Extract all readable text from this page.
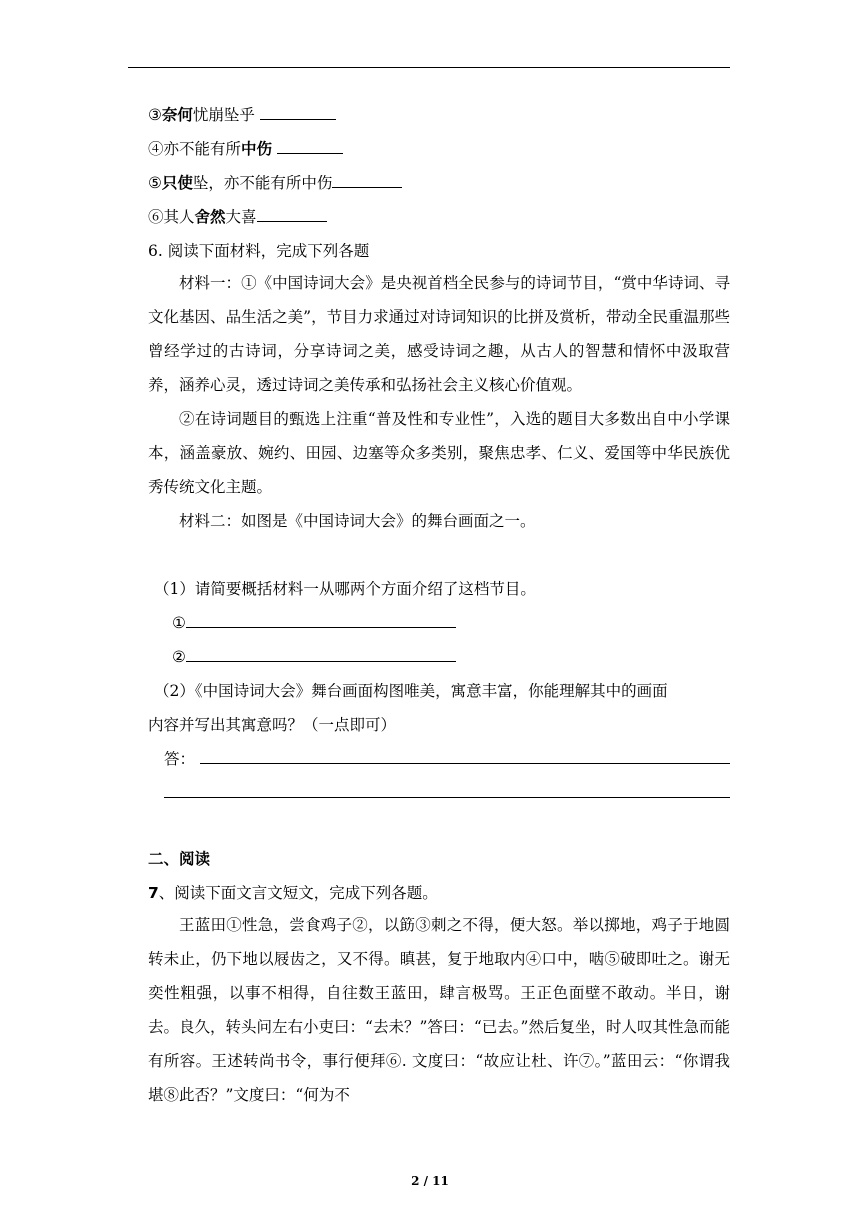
③奈何忧崩坠乎
④亦不能有所中伤
⑤只使坠，亦不能有所中伤
⑥其人舍然大喜
6. 阅读下面材料，完成下列各题

材料一：①《中国诗词大会》是央视首档全民参与的诗词节目，“赏中华诗词、寻文化基因、品生活之美”，节目力求通过对诗词知识的比拼及赏析，带动全民重温那些曾经学过的古诗词，分享诗词之美，感受诗词之趣，从古人的智慧和情怀中汲取营养，涵养心灵，透过诗词之美传承和弘扬社会主义核心价值观。

②在诗词题目的甄选上注重“普及性和专业性”，入选的题目大多数出自中小学课本，涵盖豪放、婉约、田园、边塞等众多类别，聚焦忠孝、仁义、爱国等中华民族优秀传统文化主题。

材料二：如图是《中国诗词大会》的舞台画面之一。

（1）请简要概括材料一从哪两个方面介绍了这档节目。
①
②
（2）《中国诗词大会》舞台画面构图唯美，寓意丰富，你能理解其中的画面
内容并写出其寓意吗？（一点即可）
答：
二、阅读
7、阅读下面文言文短文，完成下列各题。

王蓝田①性急，尝食鸡子②，以筯③刺之不得，便大怒。举以掷地，鸡子于地圆转未止，仍下地以屐齿之，又不得。瞋甚，复于地取内④口中，啮⑤破即吐之。谢无奕性粗强，以事不相得，自往数王蓝田，肆言极骂。王正色面壁不敢动。半日，谢去。良久，转头问左右小吏曰：“去未？”答曰：“已去。”然后复坐，时人叹其性急而能有所容。王述转尚书令，事行便拜⑥. 文度曰：“故应让杜、许⑦。”蓝田云：“你谓我堪⑧此否？”文度曰：“何为不

2 / 11
